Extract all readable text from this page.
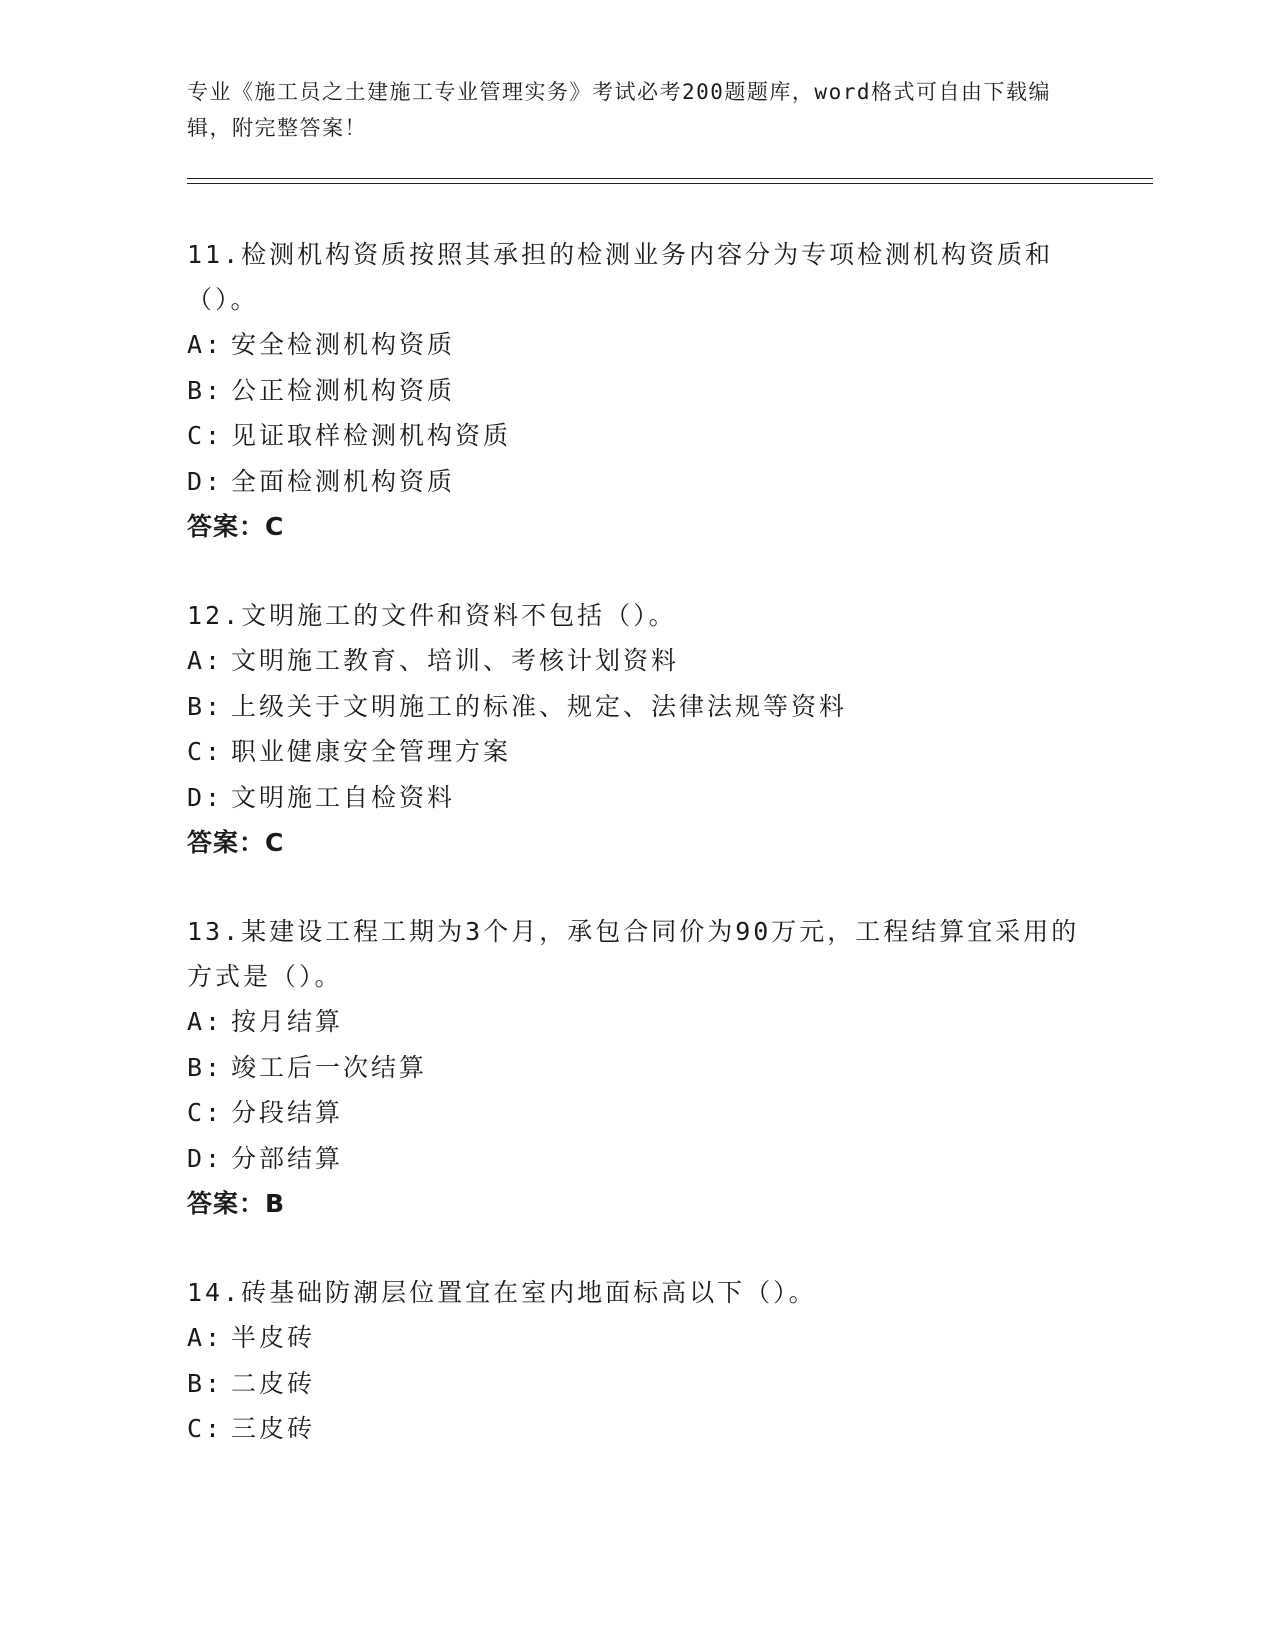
专业《施工员之土建施工专业管理实务》考试必考200题题库，word格式可自由下载编辑，附完整答案！

11.检测机构资质按照其承担的检测业务内容分为专项检测机构资质和（）。

A: 安全检测机构资质
B: 公正检测机构资质
C: 见证取样检测机构资质
D: 全面检测机构资质
答案：C

12.文明施工的文件和资料不包括（）。

A: 文明施工教育、培训、考核计划资料
B: 上级关于文明施工的标准、规定、法律法规等资料
C: 职业健康安全管理方案
D: 文明施工自检资料
答案：C

13.某建设工程工期为3个月，承包合同价为90万元，工程结算宜采用的方式是（）。

A: 按月结算
B: 竣工后一次结算
C: 分段结算
D: 分部结算
答案：B

14.砖基础防潮层位置宜在室内地面标高以下（）。

A: 半皮砖
B: 二皮砖
C: 三皮砖
